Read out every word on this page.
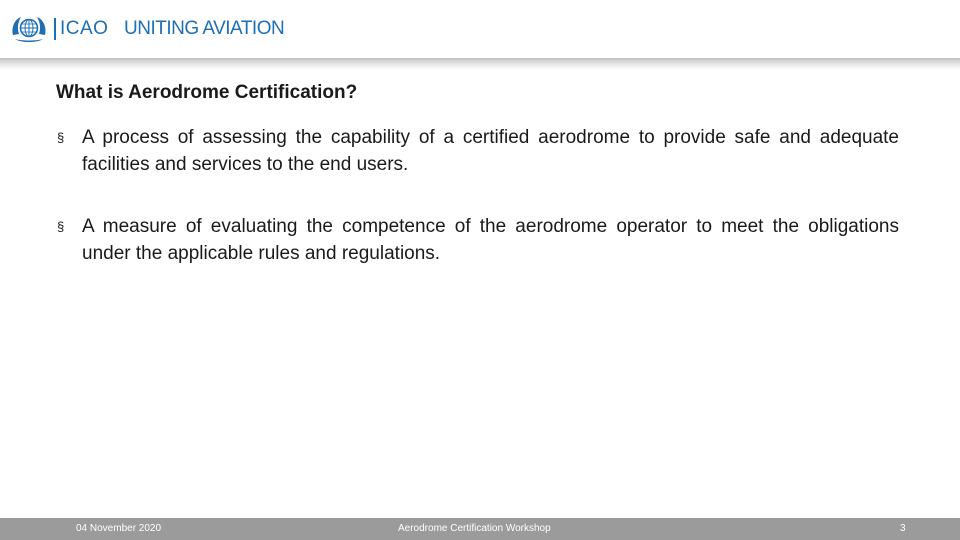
ICAO UNITING AVIATION
What is Aerodrome Certification?
§ A process of assessing the capability of a certified aerodrome to provide safe and adequate facilities and services to the end users.
§ A measure of evaluating the competence of the aerodrome operator to meet the obligations under the applicable rules and regulations.
04 November 2020	Aerodrome Certification Workshop	3
